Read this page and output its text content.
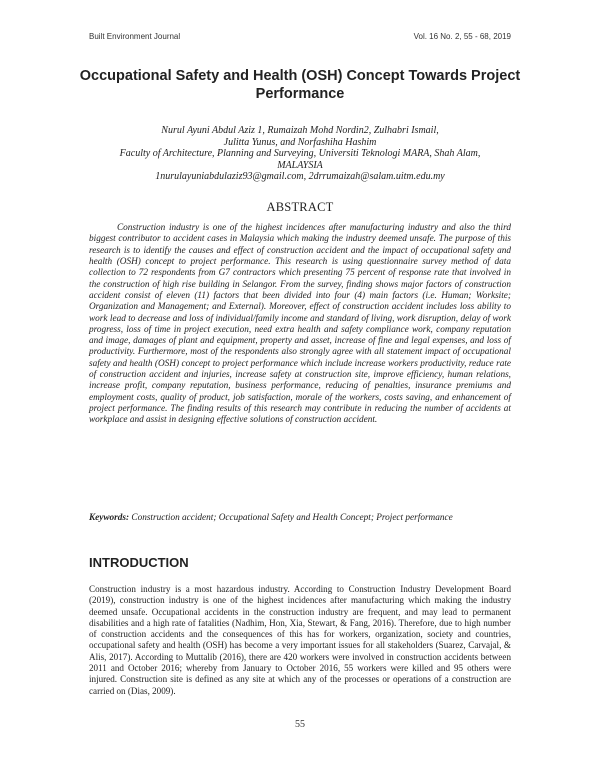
Built Environment Journal	Vol. 16 No. 2, 55 - 68, 2019
Occupational Safety and Health (OSH) Concept Towards Project Performance
Nurul Ayuni Abdul Aziz 1, Rumaizah Mohd Nordin2, Zulhabri Ismail,
Julitta Yunus, and Norfashiha Hashim
Faculty of Architecture, Planning and Surveying, Universiti Teknologi MARA, Shah Alam,
MALAYSIA
1nurulayuniabdulaziz93@gmail.com, 2drrumaizah@salam.uitm.edu.my
ABSTRACT

Construction industry is one of the highest incidences after manufacturing industry and also the third biggest contributor to accident cases in Malaysia which making the industry deemed unsafe. The purpose of this research is to identify the causes and effect of construction accident and the impact of occupational safety and health (OSH) concept to project performance. This research is using questionnaire survey method of data collection to 72 respondents from G7 contractors which presenting 75 percent of response rate that involved in the construction of high rise building in Selangor. From the survey, finding shows major factors of construction accident consist of eleven (11) factors that been divided into four (4) main factors (i.e. Human; Worksite; Organization and Management; and External). Moreover, effect of construction accident includes loss ability to work lead to decrease and loss of individual/family income and standard of living, work disruption, delay of work progress, loss of time in project execution, need extra health and safety compliance work, company reputation and image, damages of plant and equipment, property and asset, increase of fine and legal expenses, and loss of productivity. Furthermore, most of the respondents also strongly agree with all statement impact of occupational safety and health (OSH) concept to project performance which include increase workers productivity, reduce rate of construction accident and injuries, increase safety at construction site, improve efficiency, human relations, increase profit, company reputation, business performance, reducing of penalties, insurance premiums and employment costs, quality of product, job satisfaction, morale of the workers, costs saving, and enhancement of project performance. The finding results of this research may contribute in reducing the number of accidents at workplace and assist in designing effective solutions of construction accident.

Keywords: Construction accident; Occupational Safety and Health Concept; Project performance
INTRODUCTION

Construction industry is a most hazardous industry. According to Construction Industry Development Board (2019), construction industry is one of the highest incidences after manufacturing which making the industry deemed unsafe. Occupational accidents in the construction industry are frequent, and may lead to permanent disabilities and a high rate of fatalities (Nadhim, Hon, Xia, Stewart, & Fang, 2016). Therefore, due to high number of construction accidents and the consequences of this has for workers, organization, society and countries, occupational safety and health (OSH) has become a very important issues for all stakeholders (Suarez, Carvajal, & Alis, 2017). According to Muttalib (2016), there are 420 workers were involved in construction accidents between 2011 and October 2016; whereby from January to October 2016, 55 workers were killed and 95 others were injured. Construction site is defined as any site at which any of the processes or operations of a construction are carried on (Dias, 2009).

55
